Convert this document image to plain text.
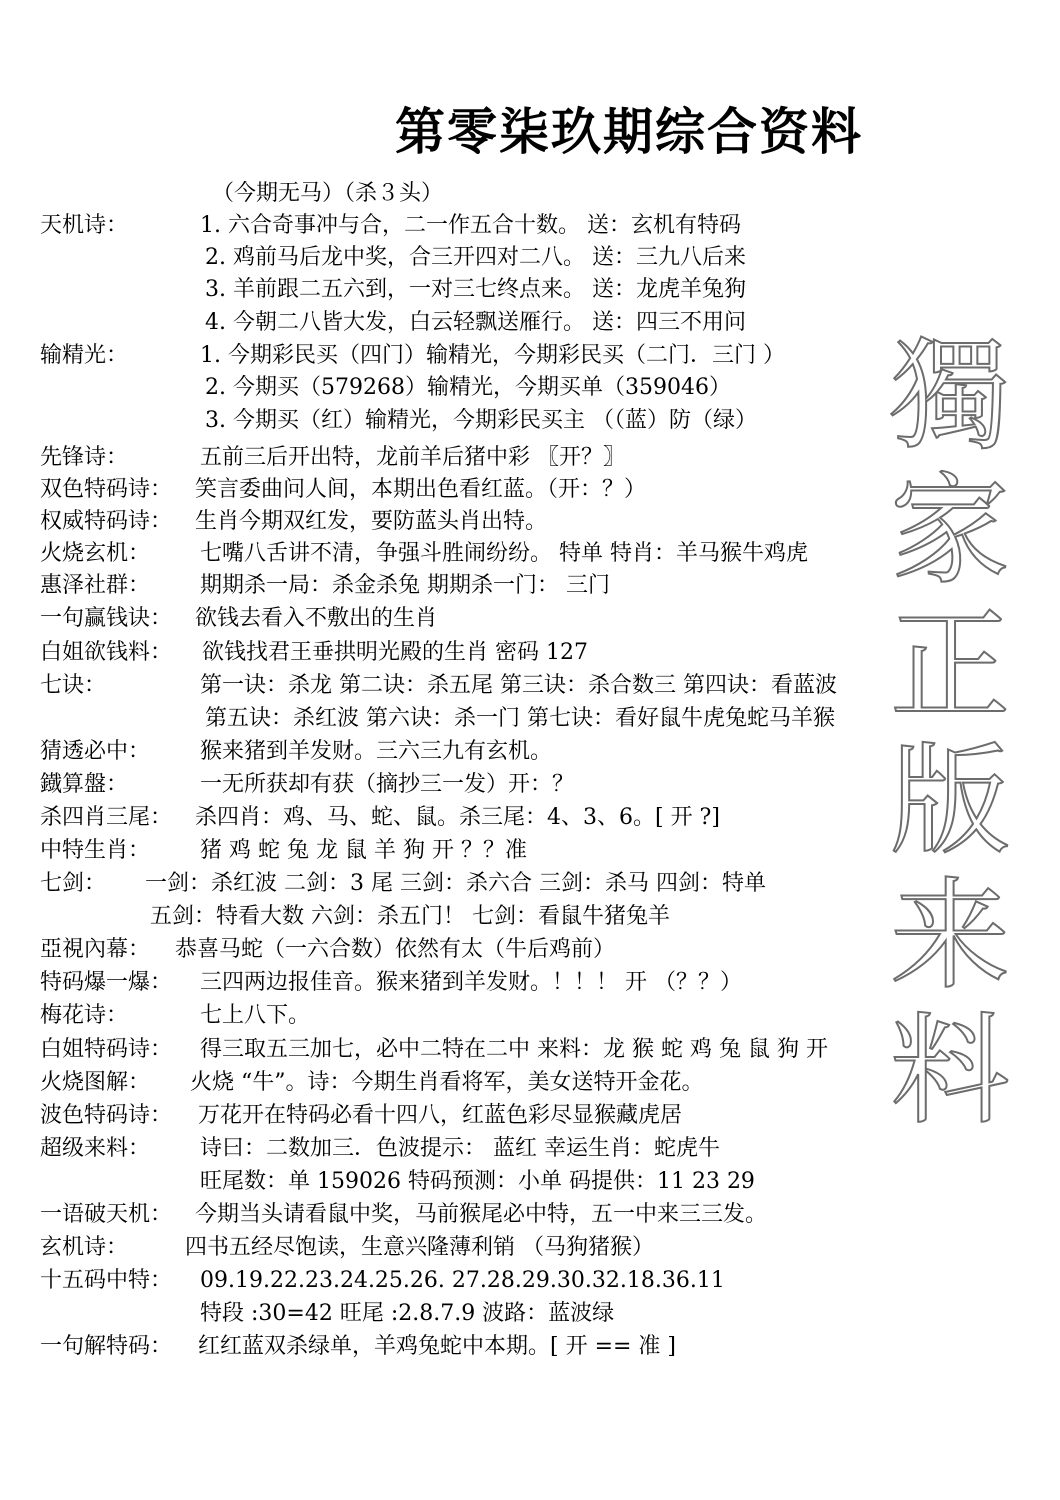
第零柒玖期综合资料
（今期无马）（杀３头）
獨
家
正
版
来
料
天机诗：	1. 六合奇事冲与合，二一作五合十数。 送：玄机有特码
2. 鸡前马后龙中奖，合三开四对二八。 送：三九八后来
3. 羊前跟二五六到，一对三七终点来。 送：龙虎羊兔狗
4. 今朝二八皆大发，白云轻飘送雁行。 送：四三不用问
输精光：	1. 今期彩民买（四门）输精光，今期彩民买（二门．三门 ）
2. 今期买（579268）输精光，今期买单（359046）
3. 今期买（红）输精光，今期彩民买主 （（蓝）防（绿）
先锋诗：	五前三后开出特，龙前羊后猪中彩 〖开？〗
双色特码诗： 笑言委曲问人间，本期出色看红蓝。（开：？）
权威特码诗： 生肖今期双红发，要防蓝头肖出特。
火烧玄机： 七嘴八舌讲不清，争强斗胜闹纷纷。 特单 特肖：羊马猴牛鸡虎
惠泽社群： 期期杀一局：杀金杀兔 期期杀一门： 三门
一句赢钱诀： 欲钱去看入不敷出的生肖
白姐欲钱料： 欲钱找君王垂拱明光殿的生肖 密码 127
七诀：	第一诀：杀龙 第二诀：杀五尾 第三诀：杀合数三 第四诀：看蓝波
第五诀：杀红波 第六诀：杀一门 第七诀：看好鼠牛虎兔蛇马羊猴
猜透必中： 猴来猪到羊发财。三六三九有玄机。
鐡算盤：	一无所获却有获（摘抄三一发）开：？
杀四肖三尾： 杀四肖：鸡、马、蛇、鼠。杀三尾：4、3、6。[ 开 ?]
中特生肖： 猪 鸡 蛇 兔 龙 鼠 羊 狗 开 ？？准
七剑： 一剑：杀红波 二剑：3 尾 三剑：杀六合 三剑：杀马 四剑：特单
五剑：特看大数 六剑：杀五门！ 七剑：看鼠牛猪兔羊
亞視內幕： 恭喜马蛇（一六合数）依然有太（牛后鸡前）
特码爆一爆： 三四两边报佳音。猴来猪到羊发财。！！！ 开 （？？）
梅花诗：	七上八下。
白姐特码诗： 得三取五三加七，必中二特在二中 来料：龙 猴 蛇 鸡 兔 鼠 狗 开
火烧图解： 火烧 “牛”。诗：今期生肖看将军，美女送特开金花。
波色特码诗： 万花开在特码必看十四八，红蓝色彩尽显猴藏虎居
超级来料： 诗曰：二数加三．色波提示： 蓝红 幸运生肖：蛇虎牛
旺尾数：单 159026 特码预测：小单 码提供：11 23 29
一语破天机： 今期当头请看鼠中奖，马前猴尾必中特，五一中来三三发。
玄机诗：	四书五经尽饱读，生意兴隆薄利销 （马狗猪猴）
十五码中特： 09.19.22.23.24.25.26. 27.28.29.30.32.18.36.11
特段 :30=42 旺尾 :2.8.7.9 波路：蓝波绿
一句解特码： 红红蓝双杀绿单，羊鸡兔蛇中本期。[ 开 == 准 ]
